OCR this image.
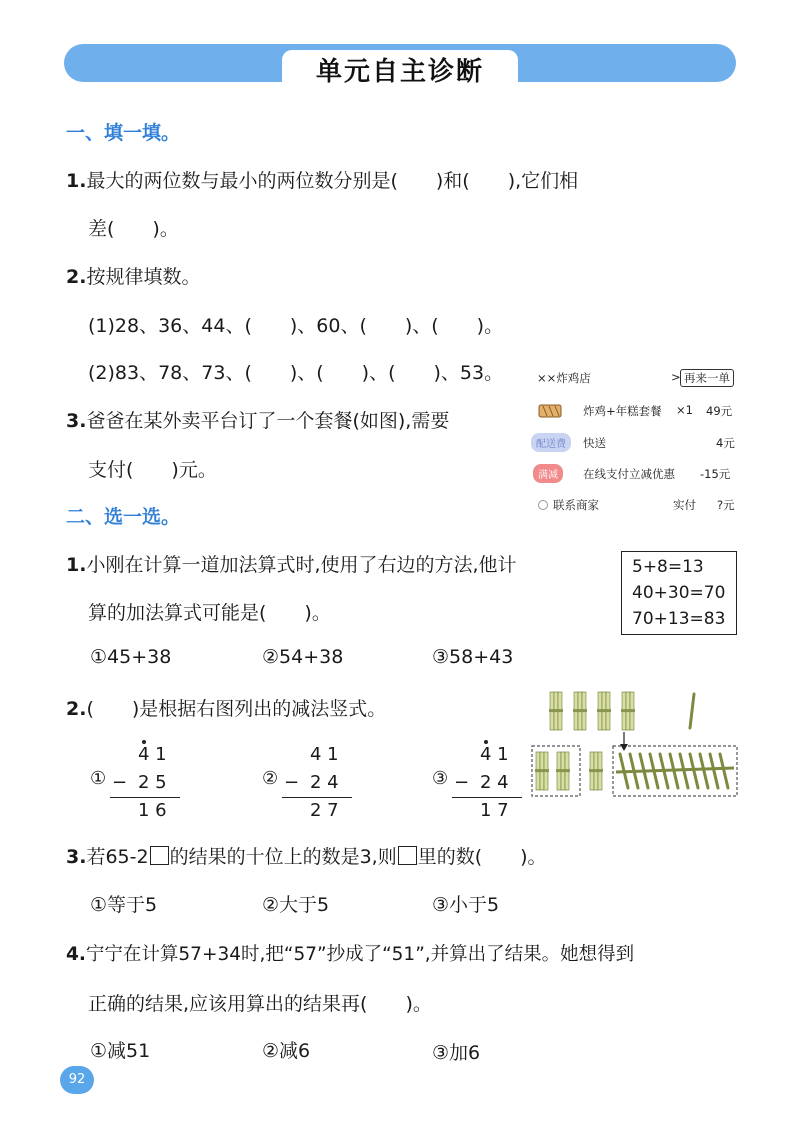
单元自主诊断
一、填一填。
1.最大的两位数与最小的两位数分别是(　　)和(　　),它们相
差(　　)。
2.按规律填数。
(1)28、36、44、(　　)、60、(　　)、(　　)。
(2)83、78、73、(　　)、(　　)、(　　)、53。
3.爸爸在某外卖平台订了一个套餐(如图),需要
支付(　　)元。
××炸鸡店	> 再来一单
炸鸡+年糕套餐 ×1 49元
配送费	快送	4元
满减	在线支付立减优惠 -15元
联系商家	实付 ?元
二、选一选。
1.小刚在计算一道加法算式时,使用了右边的方法,他计
算的加法算式可能是(　　)。
5+8=13
40+30=70
70+13=83
①45+38	②54+38	③58+43
2.(　　)是根据右图列出的减法竖式。
4 1
① − 2 5
1 6
4 1
② − 2 4
2 7
4 1
③ − 2 4
1 7
3.若65-2 的结果的十位上的数是3,则 里的数(　　)。
①等于5	②大于5	③小于5
4.宁宁在计算57+34时,把“57”抄成了“51”,并算出了结果。她想得到
正确的结果,应该用算出的结果再(　　)。
①减51	②减6	③加6
92
